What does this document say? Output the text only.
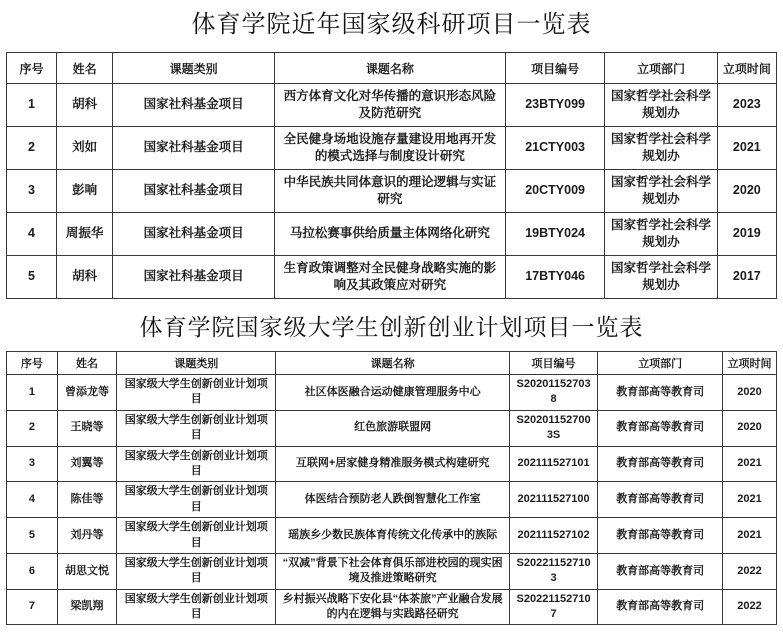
体育学院近年国家级科研项目一览表
序号	姓名	课题类别	课题名称	项目编号	立项部门	立项时间
1	胡科	国家社科基金项目	西方体育文化对华传播的意识形态风险及防范研究	23BTY099	国家哲学社会科学规划办	2023
2	刘如	国家社科基金项目	全民健身场地设施存量建设用地再开发的模式选择与制度设计研究	21CTY003	国家哲学社会科学规划办	2021
3	彭响	国家社科基金项目	中华民族共同体意识的理论逻辑与实证研究	20CTY009	国家哲学社会科学规划办	2020
4	周振华	国家社科基金项目	马拉松赛事供给质量主体网络化研究	19BTY024	国家哲学社会科学规划办	2019
5	胡科	国家社科基金项目	生育政策调整对全民健身战略实施的影响及其政策应对研究	17BTY046	国家哲学社会科学规划办	2017
体育学院国家级大学生创新创业计划项目一览表
序号	姓名	课题类别	课题名称	项目编号	立项部门	立项时间
1	曾添龙等	国家级大学生创新创业计划项目	社区体医融合运动健康管理服务中心	S202011527038	教育部高等教育司	2020
2	王晓等	国家级大学生创新创业计划项目	红色旅游联盟网	S202011527003S	教育部高等教育司	2020
3	刘翼等	国家级大学生创新创业计划项目	互联网+居家健身精准服务模式构建研究	202111527101	教育部高等教育司	2021
4	陈佳等	国家级大学生创新创业计划项目	体医结合预防老人跌倒智慧化工作室	202111527100	教育部高等教育司	2021
5	刘丹等	国家级大学生创新创业计划项目	瑶族乡少数民族体育传统文化传承中的族际	202111527102	教育部高等教育司	2021
6	胡思文悦	国家级大学生创新创业计划项目	“双减”背景下社会体育俱乐部进校园的现实困境及推进策略研究	S202211527103	教育部高等教育司	2022
7	梁凯翔	国家级大学生创新创业计划项目	乡村振兴战略下安化县“体茶旅”产业融合发展的内在逻辑与实践路径研究	S202211527107	教育部高等教育司	2022
